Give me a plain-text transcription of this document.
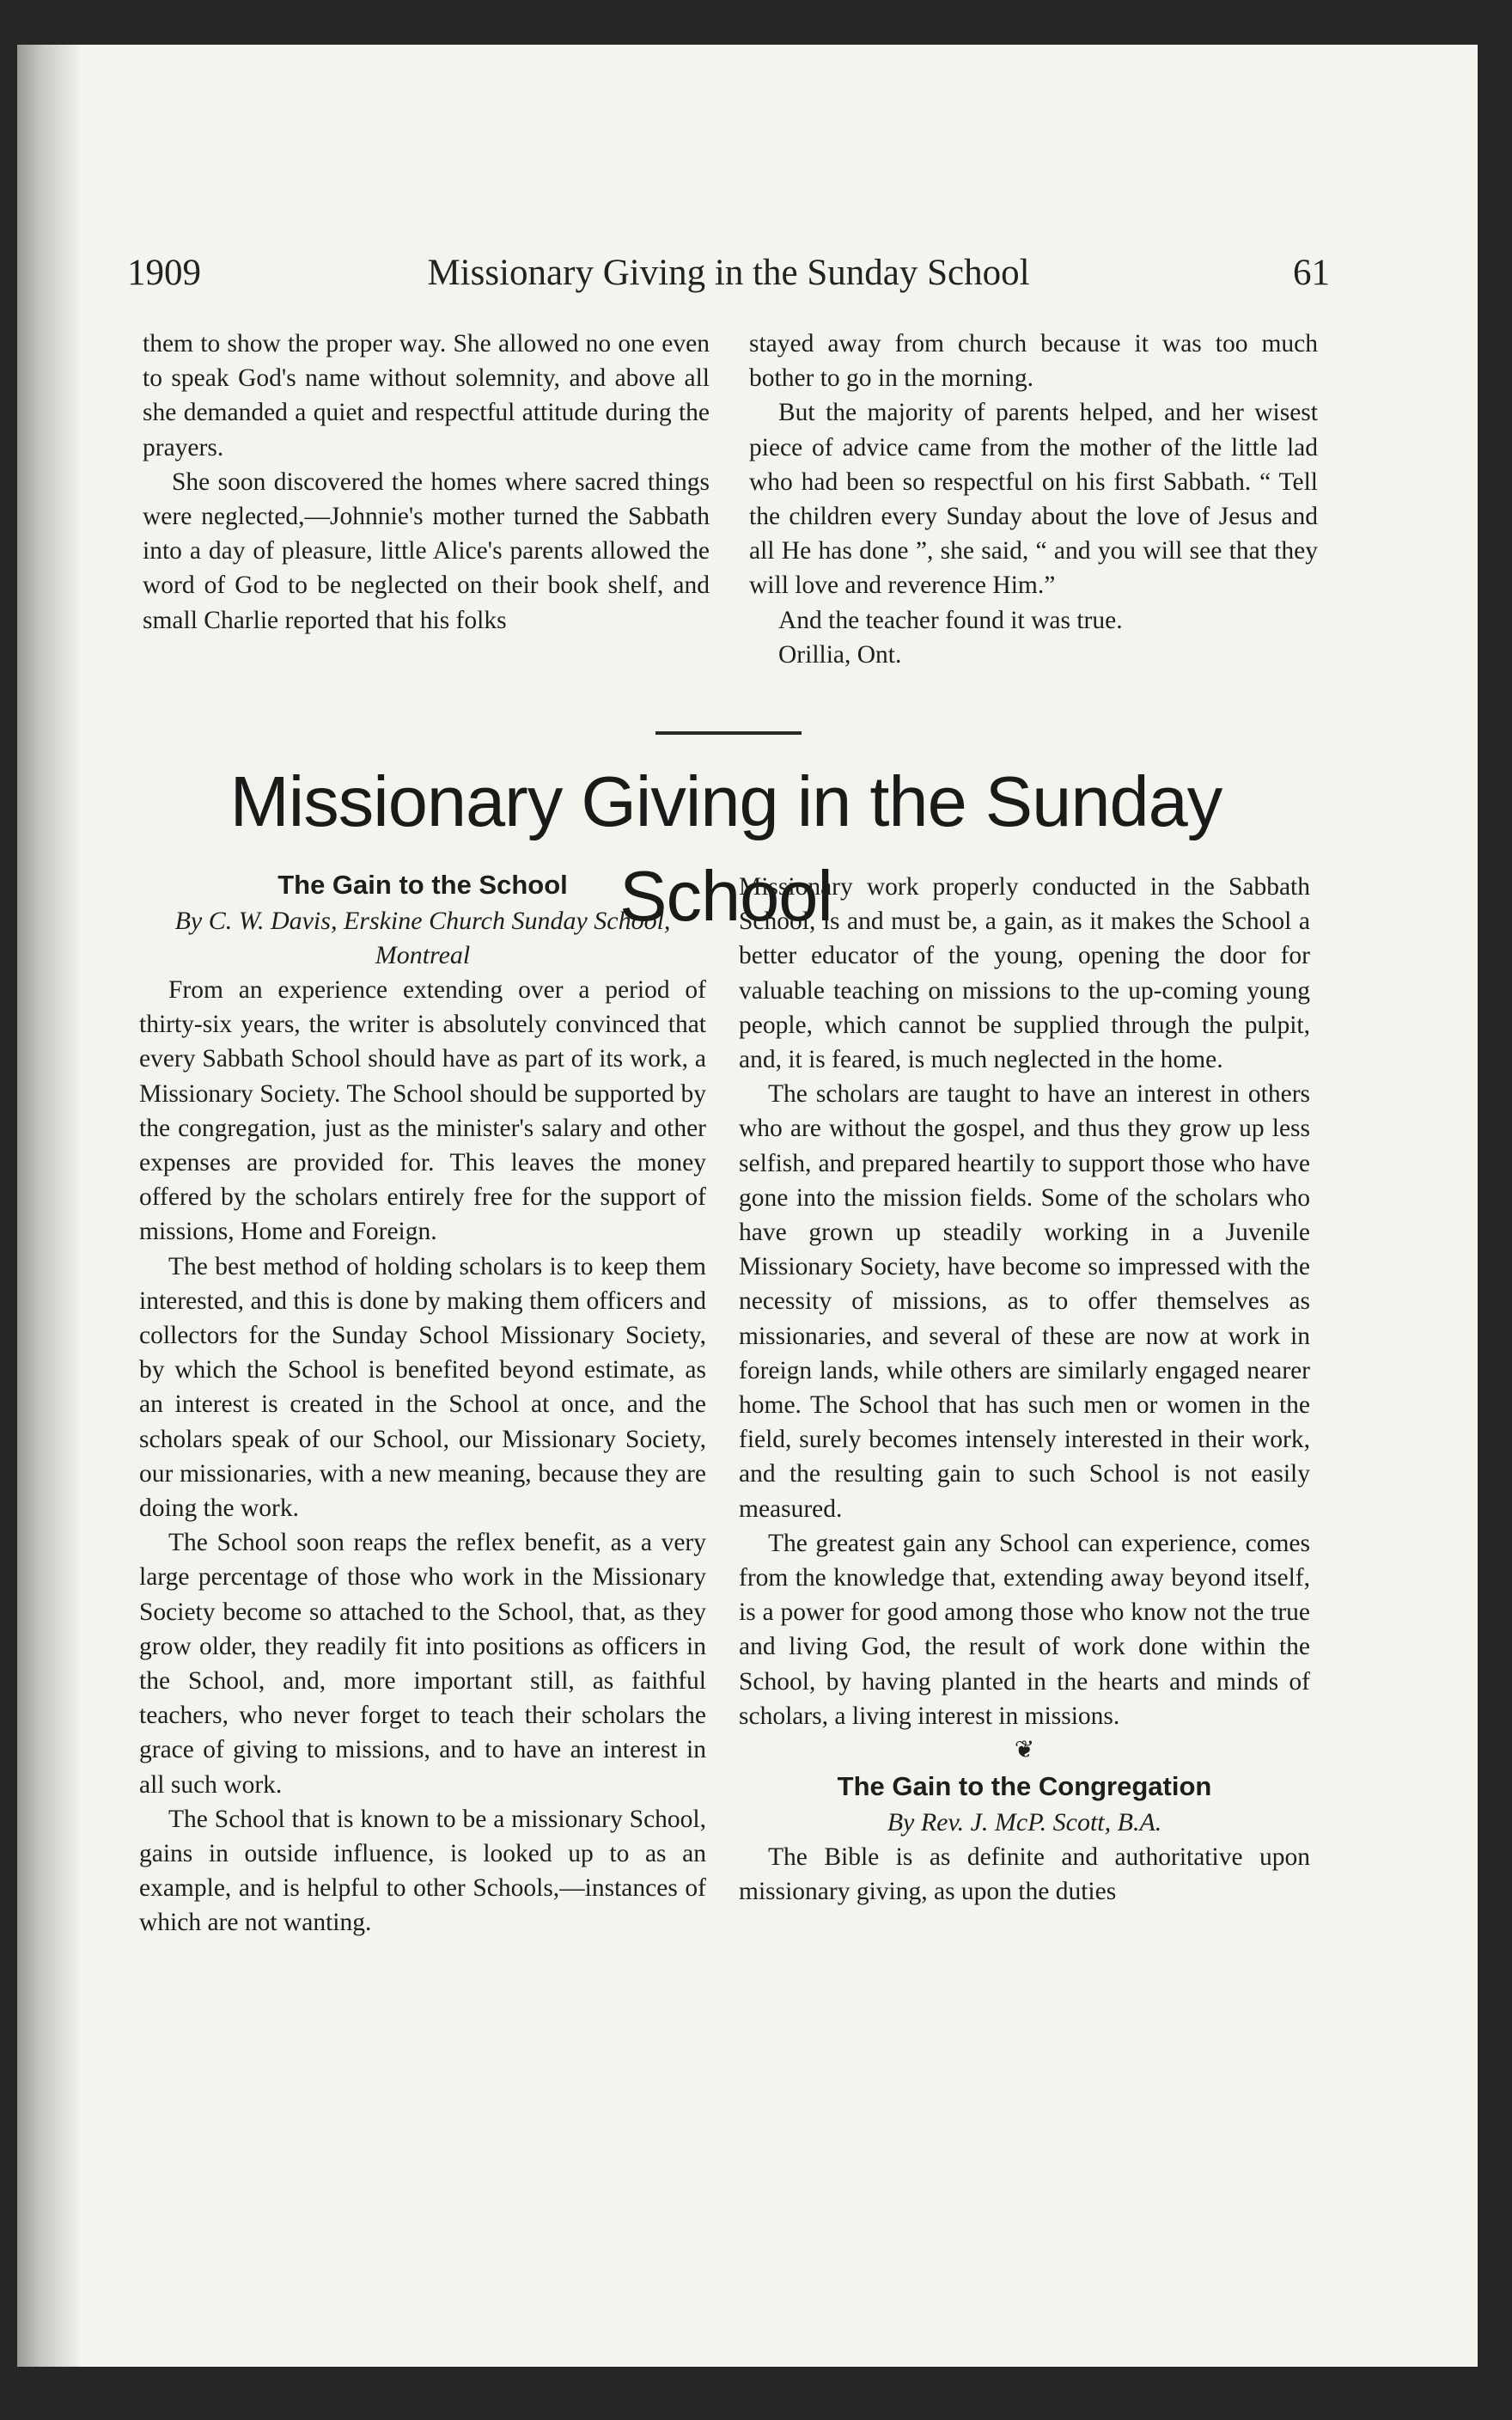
1909	Missionary Giving in the Sunday School	61

them to show the proper way. She allowed no one even to speak God's name without solemnity, and above all she demanded a quiet and respectful attitude during the prayers.

She soon discovered the homes where sacred things were neglected,—Johnnie's mother turned the Sabbath into a day of pleasure, little Alice's parents allowed the word of God to be neglected on their book shelf, and small Charlie reported that his folks

stayed away from church because it was too much bother to go in the morning.

But the majority of parents helped, and her wisest piece of advice came from the mother of the little lad who had been so respectful on his first Sabbath. “ Tell the children every Sunday about the love of Jesus and all He has done ”, she said, “ and you will see that they will love and reverence Him.”

And the teacher found it was true.

Orillia, Ont.

Missionary Giving in the Sunday School

The Gain to the School

By C. W. Davis, Erskine Church Sunday School, Montreal

From an experience extending over a period of thirty-six years, the writer is absolutely convinced that every Sabbath School should have as part of its work, a Missionary Society. The School should be supported by the congregation, just as the minister's salary and other expenses are provided for. This leaves the money offered by the scholars entirely free for the support of missions, Home and Foreign.

The best method of holding scholars is to keep them interested, and this is done by making them officers and collectors for the Sunday School Missionary Society, by which the School is benefited beyond estimate, as an interest is created in the School at once, and the scholars speak of our School, our Missionary Society, our missionaries, with a new meaning, because they are doing the work.

The School soon reaps the reflex benefit, as a very large percentage of those who work in the Missionary Society become so attached to the School, that, as they grow older, they readily fit into positions as officers in the School, and, more important still, as faithful teachers, who never forget to teach their scholars the grace of giving to missions, and to have an interest in all such work.

The School that is known to be a missionary School, gains in outside influence, is looked up to as an example, and is helpful to other Schools,—instances of which are not wanting.

Missionary work properly conducted in the Sabbath School, is and must be, a gain, as it makes the School a better educator of the young, opening the door for valuable teaching on missions to the up-coming young people, which cannot be supplied through the pulpit, and, it is feared, is much neglected in the home.

The scholars are taught to have an interest in others who are without the gospel, and thus they grow up less selfish, and prepared heartily to support those who have gone into the mission fields. Some of the scholars who have grown up steadily working in a Juvenile Missionary Society, have become so impressed with the necessity of missions, as to offer themselves as missionaries, and several of these are now at work in foreign lands, while others are similarly engaged nearer home. The School that has such men or women in the field, surely becomes intensely interested in their work, and the resulting gain to such School is not easily measured.

The greatest gain any School can experience, comes from the knowledge that, extending away beyond itself, is a power for good among those who know not the true and living God, the result of work done within the School, by having planted in the hearts and minds of scholars, a living interest in missions.

❦

The Gain to the Congregation

By Rev. J. McP. Scott, B.A.

The Bible is as definite and authoritative upon missionary giving, as upon the duties
